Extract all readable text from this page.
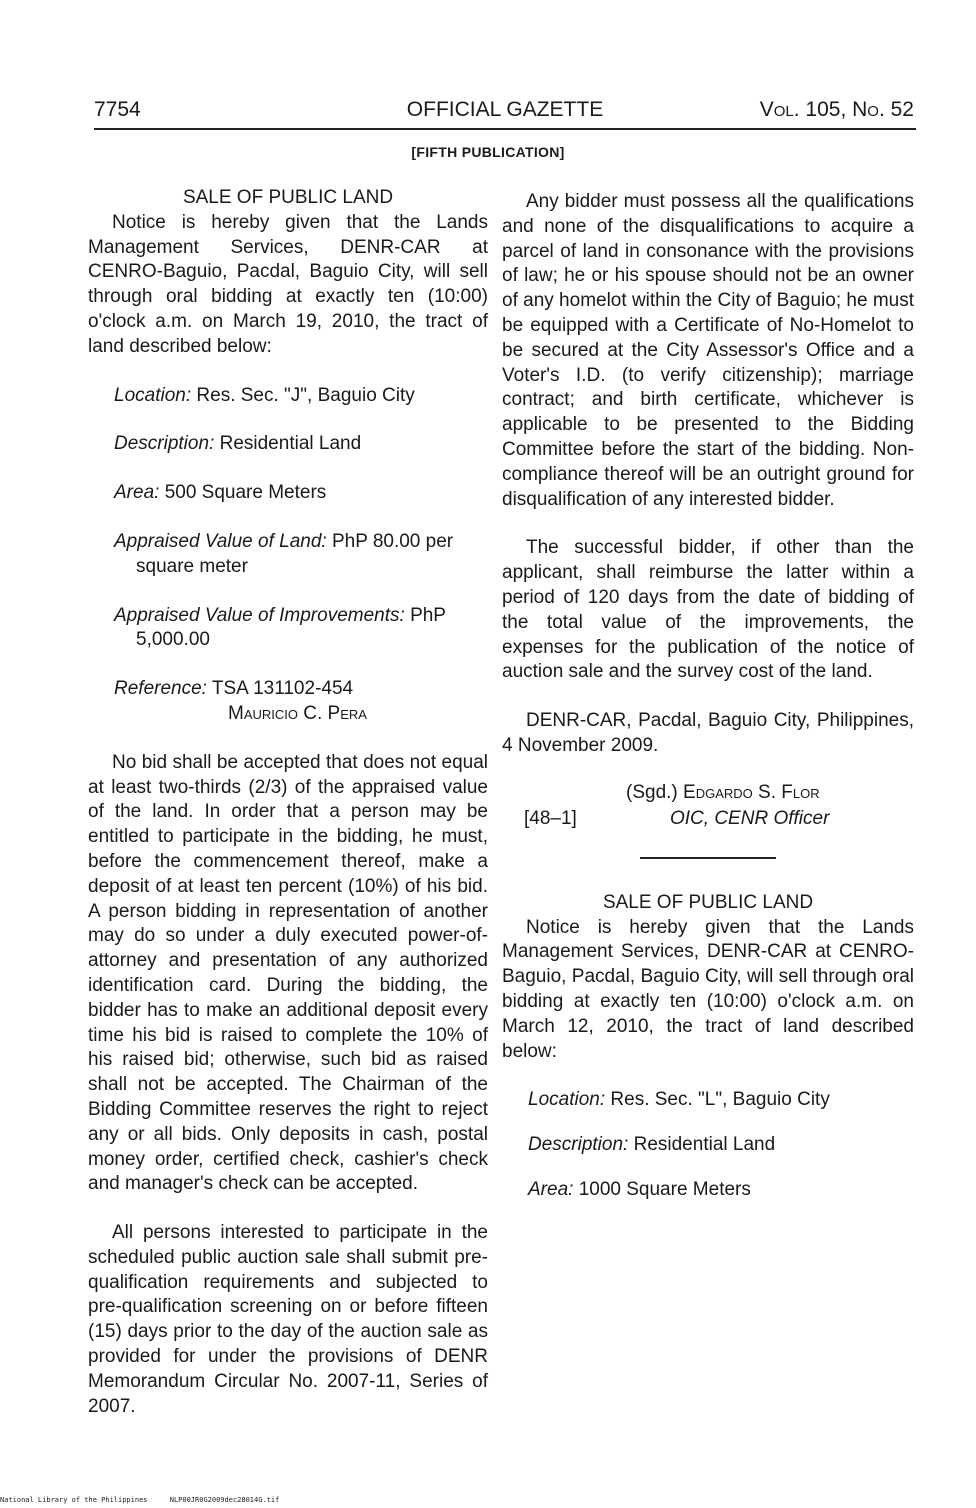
7754	OFFICIAL GAZETTE	Vol. 105, No. 52
[FIFTH PUBLICATION]

SALE OF PUBLIC LAND

Notice is hereby given that the Lands Management Services, DENR-CAR at CENRO-Baguio, Pacdal, Baguio City, will sell through oral bidding at exactly ten (10:00) o'clock a.m. on March 19, 2010, the tract of land described below:

Location: Res. Sec. "J", Baguio City

Description: Residential Land

Area: 500 Square Meters

Appraised Value of Land: PhP 80.00 per square meter

Appraised Value of Improvements: PhP 5,000.00

Reference: TSA 131102-454

Mauricio C. Pera

No bid shall be accepted that does not equal at least two-thirds (2/3) of the appraised value of the land. In order that a person may be entitled to participate in the bidding, he must, before the commencement thereof, make a deposit of at least ten percent (10%) of his bid. A person bidding in representation of another may do so under a duly executed power-of-attorney and presentation of any authorized identification card. During the bidding, the bidder has to make an additional deposit every time his bid is raised to complete the 10% of his raised bid; otherwise, such bid as raised shall not be accepted. The Chairman of the Bidding Committee reserves the right to reject any or all bids. Only deposits in cash, postal money order, certified check, cashier's check and manager's check can be accepted.

All persons interested to participate in the scheduled public auction sale shall submit pre-qualification requirements and subjected to pre-qualification screening on or before fifteen (15) days prior to the day of the auction sale as provided for under the provisions of DENR Memorandum Circular No. 2007-11, Series of 2007.

Any bidder must possess all the qualifications and none of the disqualifications to acquire a parcel of land in consonance with the provisions of law; he or his spouse should not be an owner of any homelot within the City of Baguio; he must be equipped with a Certificate of No-Homelot to be secured at the City Assessor's Office and a Voter's I.D. (to verify citizenship); marriage contract; and birth certificate, whichever is applicable to be presented to the Bidding Committee before the start of the bidding. Non-compliance thereof will be an outright ground for disqualification of any interested bidder.

The successful bidder, if other than the applicant, shall reimburse the latter within a period of 120 days from the date of bidding of the total value of the improvements, the expenses for the publication of the notice of auction sale and the survey cost of the land.

DENR-CAR, Pacdal, Baguio City, Philippines, 4 November 2009.

(Sgd.) Edgardo S. Flor
[48–1]	OIC, CENR Officer

SALE OF PUBLIC LAND

Notice is hereby given that the Lands Management Services, DENR-CAR at CENRO-Baguio, Pacdal, Baguio City, will sell through oral bidding at exactly ten (10:00) o'clock a.m. on March 12, 2010, the tract of land described below:

Location: Res. Sec. "L", Baguio City

Description: Residential Land

Area: 1000 Square Meters

National Library of the Philippines	NLP00JR0G2009dec28014G.tif
